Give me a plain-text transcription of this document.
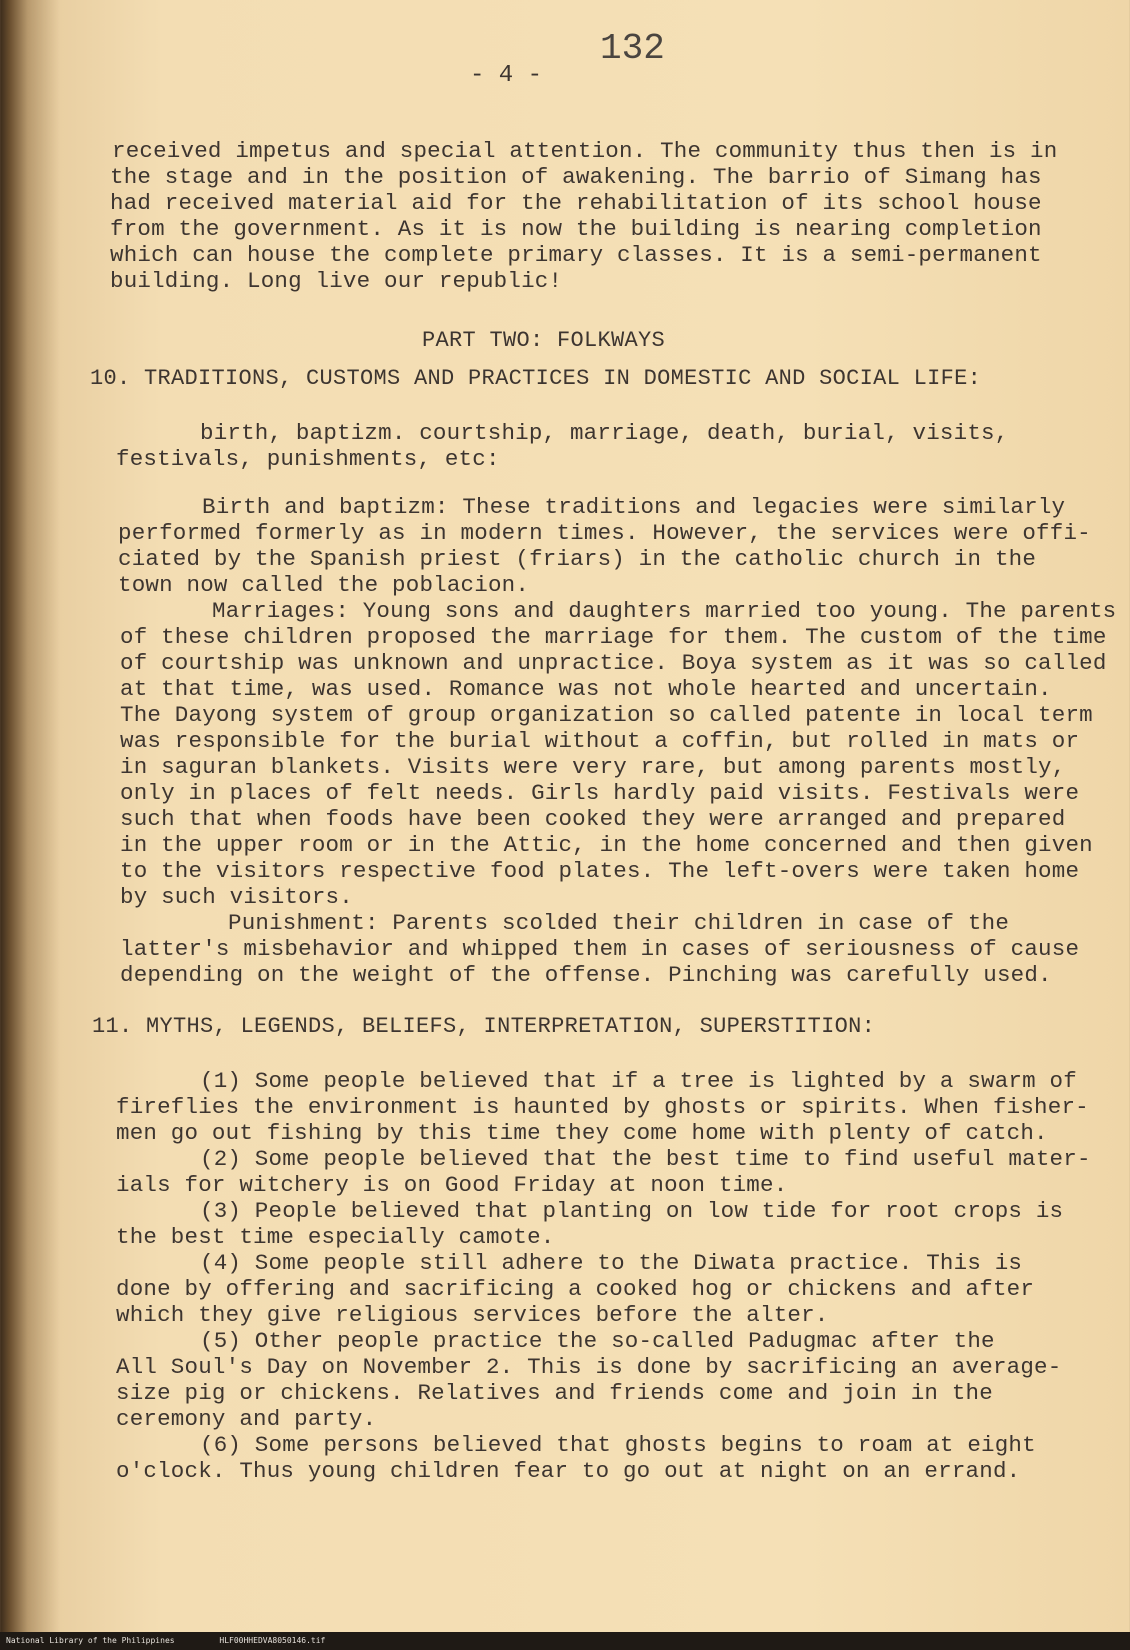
132
- 4 -
received impetus and special attention. The community thus then is in
the stage and in the position of awakening. The barrio of Simang has
had received material aid for the rehabilitation of its school house
from the government. As it is now the building is nearing completion
which can house the complete primary classes. It is a semi-permanent
building. Long live our republic!
PART TWO: FOLKWAYS
10. TRADITIONS, CUSTOMS AND PRACTICES IN DOMESTIC AND SOCIAL LIFE:
birth, baptizm. courtship, marriage, death, burial, visits,
festivals, punishments, etc:
Birth and baptizm: These traditions and legacies were similarly
performed formerly as in modern times. However, the services were offi-
ciated by the Spanish priest (friars) in the catholic church in the
town now called the poblacion.
Marriages: Young sons and daughters married too young. The parents
of these children proposed the marriage for them. The custom of the time
of courtship was unknown and unpractice. Boya system as it was so called
at that time, was used. Romance was not whole hearted and uncertain.
The Dayong system of group organization so called patente in local term
was responsible for the burial without a coffin, but rolled in mats or
in saguran blankets. Visits were very rare, but among parents mostly,
only in places of felt needs. Girls hardly paid visits. Festivals were
such that when foods have been cooked they were arranged and prepared
in the upper room or in the Attic, in the home concerned and then given
to the visitors respective food plates. The left-overs were taken home
by such visitors.
Punishment: Parents scolded their children in case of the
latter's misbehavior and whipped them in cases of seriousness of cause
depending on the weight of the offense. Pinching was carefully used.
11. MYTHS, LEGENDS, BELIEFS, INTERPRETATION, SUPERSTITION:
(1) Some people believed that if a tree is lighted by a swarm of
fireflies the environment is haunted by ghosts or spirits. When fisher-
men go out fishing by this time they come home with plenty of catch.
(2) Some people believed that the best time to find useful mater-
ials for witchery is on Good Friday at noon time.
(3) People believed that planting on low tide for root crops is
the best time especially camote.
(4) Some people still adhere to the Diwata practice. This is
done by offering and sacrificing a cooked hog or chickens and after
which they give religious services before the alter.
(5) Other people practice the so-called Padugmac after the
All Soul's Day on November 2. This is done by sacrificing an average-
size pig or chickens. Relatives and friends come and join in the
ceremony and party.
(6) Some persons believed that ghosts begins to roam at eight
o'clock. Thus young children fear to go out at night on an errand.
National Library of the Philippines	HLF00HHEDVA8050146.tif
